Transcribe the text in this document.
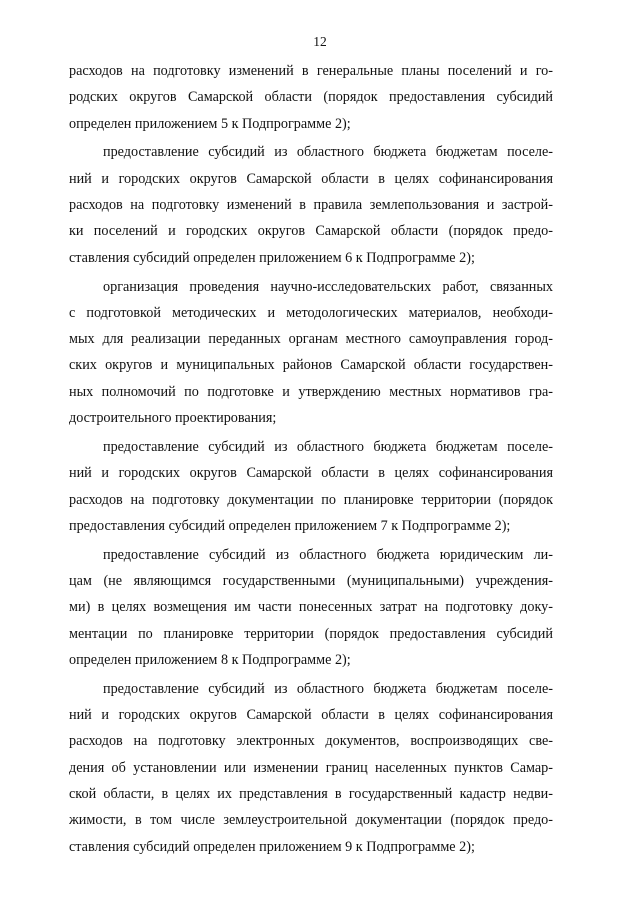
12
расходов на подготовку изменений в генеральные планы поселений и го-
родских округов Самарской области (порядок предоставления субсидий
определен приложением 5 к Подпрограмме 2);
предоставление субсидий из областного бюджета бюджетам поселе-
ний и городских округов Самарской области в целях софинансирования
расходов на подготовку изменений в правила землепользования и застрой-
ки поселений и городских округов Самарской области (порядок предо-
ставления субсидий определен приложением 6 к Подпрограмме 2);
организация проведения научно-исследовательских работ, связанных
с подготовкой методических и методологических материалов, необходи-
мых для реализации переданных органам местного самоуправления город-
ских округов и муниципальных районов Самарской области государствен-
ных полномочий по подготовке и утверждению местных нормативов гра-
достроительного проектирования;
предоставление субсидий из областного бюджета бюджетам поселе-
ний и городских округов Самарской области в целях софинансирования
расходов на подготовку документации по планировке территории (порядок
предоставления субсидий определен приложением 7 к Подпрограмме 2);
предоставление субсидий из областного бюджета юридическим ли-
цам (не являющимся государственными (муниципальными) учреждения-
ми) в целях возмещения им части понесенных затрат на подготовку доку-
ментации по планировке территории (порядок предоставления субсидий
определен приложением 8 к Подпрограмме 2);
предоставление субсидий из областного бюджета бюджетам поселе-
ний и городских округов Самарской области в целях софинансирования
расходов на подготовку электронных документов, воспроизводящих све-
дения об установлении или изменении границ населенных пунктов Самар-
ской области, в целях их представления в государственный кадастр недви-
жимости, в том числе землеустроительной документации (порядок предо-
ставления субсидий определен приложением 9 к Подпрограмме 2);
